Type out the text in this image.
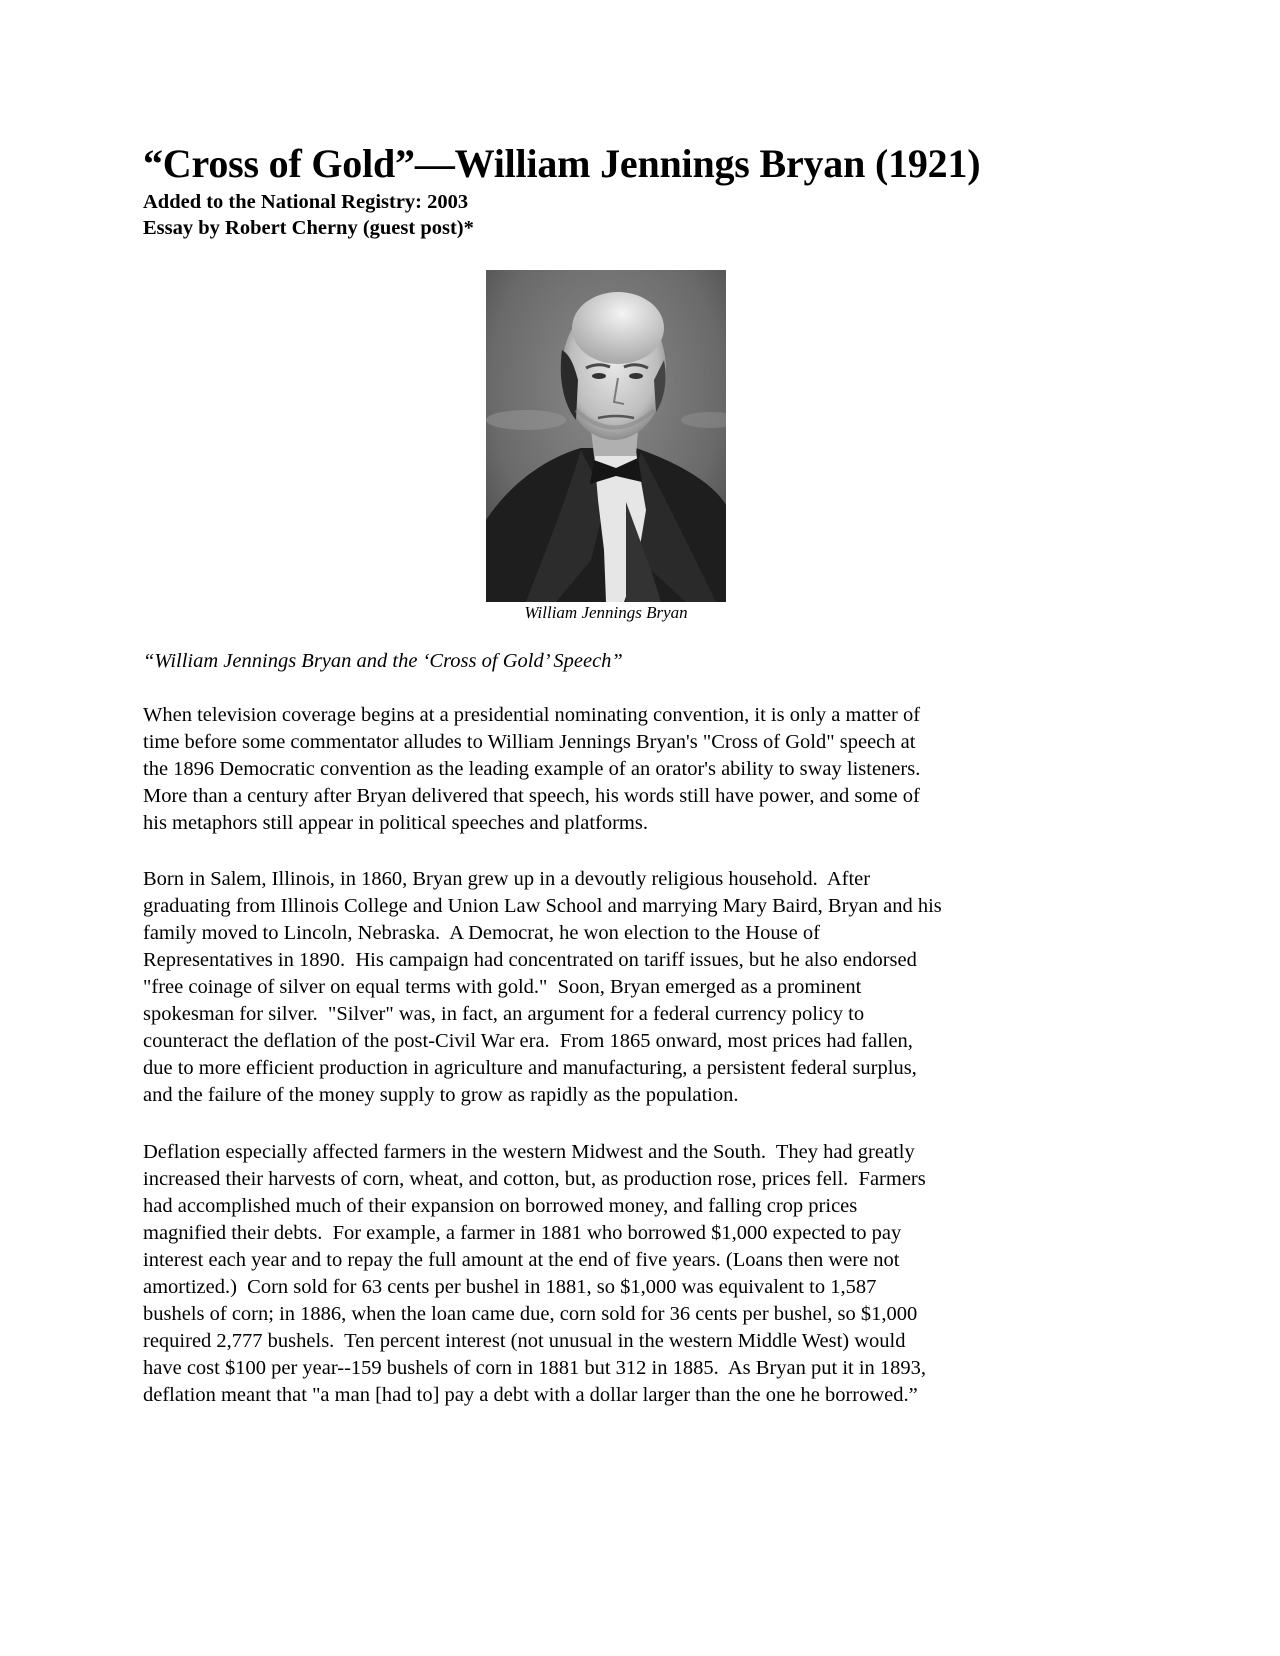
“Cross of Gold”—William Jennings Bryan (1921)
Added to the National Registry: 2003
Essay by Robert Cherny (guest post)*
William Jennings Bryan
“William Jennings Bryan and the ‘Cross of Gold’ Speech”
When television coverage begins at a presidential nominating convention, it is only a matter of
time before some commentator alludes to William Jennings Bryan's "Cross of Gold" speech at
the 1896 Democratic convention as the leading example of an orator's ability to sway listeners.
More than a century after Bryan delivered that speech, his words still have power, and some of
his metaphors still appear in political speeches and platforms.
Born in Salem, Illinois, in 1860, Bryan grew up in a devoutly religious household.  After
graduating from Illinois College and Union Law School and marrying Mary Baird, Bryan and his
family moved to Lincoln, Nebraska.  A Democrat, he won election to the House of
Representatives in 1890.  His campaign had concentrated on tariff issues, but he also endorsed
"free coinage of silver on equal terms with gold."  Soon, Bryan emerged as a prominent
spokesman for silver.  "Silver" was, in fact, an argument for a federal currency policy to
counteract the deflation of the post-Civil War era.  From 1865 onward, most prices had fallen,
due to more efficient production in agriculture and manufacturing, a persistent federal surplus,
and the failure of the money supply to grow as rapidly as the population.
Deflation especially affected farmers in the western Midwest and the South.  They had greatly
increased their harvests of corn, wheat, and cotton, but, as production rose, prices fell.  Farmers
had accomplished much of their expansion on borrowed money, and falling crop prices
magnified their debts.  For example, a farmer in 1881 who borrowed $1,000 expected to pay
interest each year and to repay the full amount at the end of five years. (Loans then were not
amortized.)  Corn sold for 63 cents per bushel in 1881, so $1,000 was equivalent to 1,587
bushels of corn; in 1886, when the loan came due, corn sold for 36 cents per bushel, so $1,000
required 2,777 bushels.  Ten percent interest (not unusual in the western Middle West) would
have cost $100 per year--159 bushels of corn in 1881 but 312 in 1885.  As Bryan put it in 1893,
deflation meant that "a man [had to] pay a debt with a dollar larger than the one he borrowed.”
